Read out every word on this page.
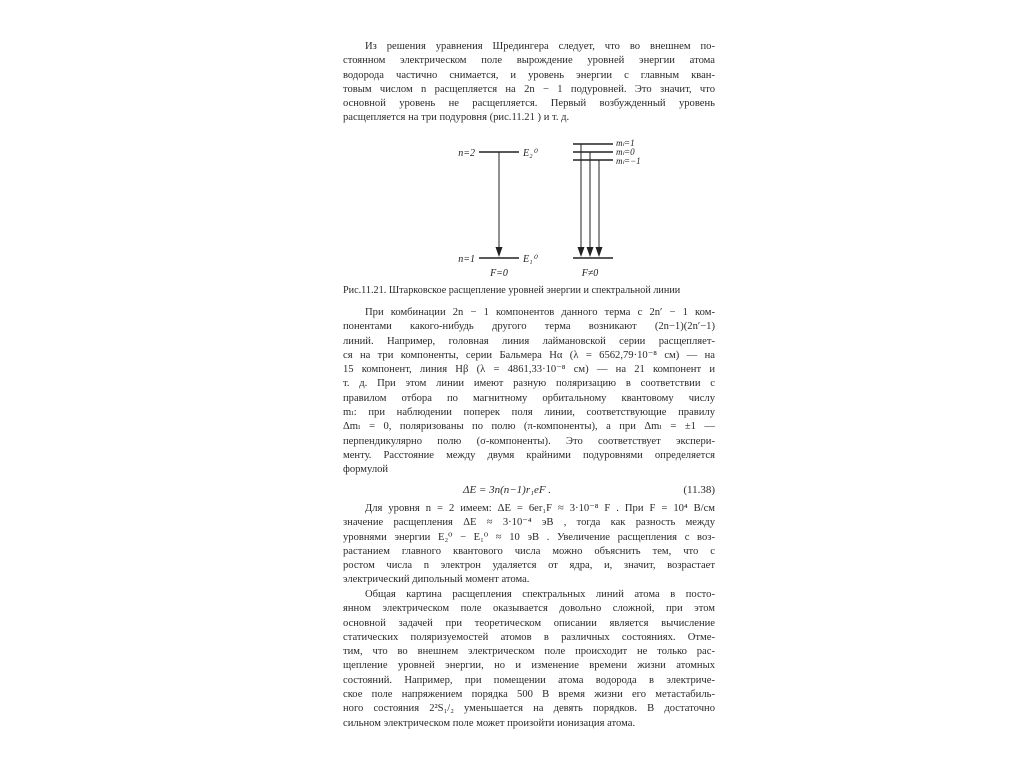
Из решения уравнения Шредингера следует, что во внешнем по-
стоянном электрическом поле вырождение уровней энергии атома
водорода частично снимается, и уровень энергии с главным кван-
товым числом n расщепляется на 2n − 1 подуровней. Это значит, что
основной уровень не расщепляется. Первый возбужденный уровень
расщепляется на три подуровня (рис.11.21 ) и т. д.

n=2	E₂⁰
n=1	E₁⁰
F=0
mₗ=1
mₗ=0
mₗ=−1
F≠0
Рис.11.21. Штарковское расщепление уровней энергии и спектральной линии

При комбинации 2n − 1 компонентов данного терма с 2n′ − 1 ком-
понентами какого-нибудь другого терма возникают (2n−1)(2n′−1)
линий. Например, головная линия лаймановской серии расщепляет-
ся на три компоненты, серии Бальмера Hα (λ = 6562,79·10⁻⁸ см) — на
15 компонент, линия Hβ (λ = 4861,33·10⁻⁸ см) — на 21 компонент и
т. д. При этом линии имеют разную поляризацию в соответствии с
правилом отбора по магнитному орбитальному квантовому числу
mₗ: при наблюдении поперек поля линии, соответствующие правилу
Δmₗ = 0, поляризованы по полю (π-компоненты), а при Δmₗ = ±1 —
перпендикулярно полю (σ-компоненты). Это соответствует экспери-
менту. Расстояние между двумя крайними подуровнями определяется
формулой

ΔE = 3n(n−1)r₁eF .	(11.38)

Для уровня n = 2 имеем: ΔE = 6er₁F ≈ 3·10⁻⁸ F . При F = 10⁴ В/см
значение расщепления ΔE ≈ 3·10⁻⁴ эВ , тогда как разность между
уровнями энергии E₂⁰ − E₁⁰ ≈ 10 эВ . Увеличение расщепления с воз-
растанием главного квантового числа можно объяснить тем, что с
ростом числа n электрон удаляется от ядра, и, значит, возрастает
электрический дипольный момент атома.

Общая картина расщепления спектральных линий атома в посто-
янном электрическом поле оказывается довольно сложной, при этом
основной задачей при теоретическом описании является вычисление
статических поляризуемостей атомов в различных состояниях. Отме-
тим, что во внешнем электрическом поле происходит не только рас-
щепление уровней энергии, но и изменение времени жизни атомных
состояний. Например, при помещении атома водорода в электриче-
ское поле напряжением порядка 500 В время жизни его метастабиль-
ного состояния 2²S₁/₂ уменьшается на девять порядков. В достаточно
сильном электрическом поле может произойти ионизация атома.
